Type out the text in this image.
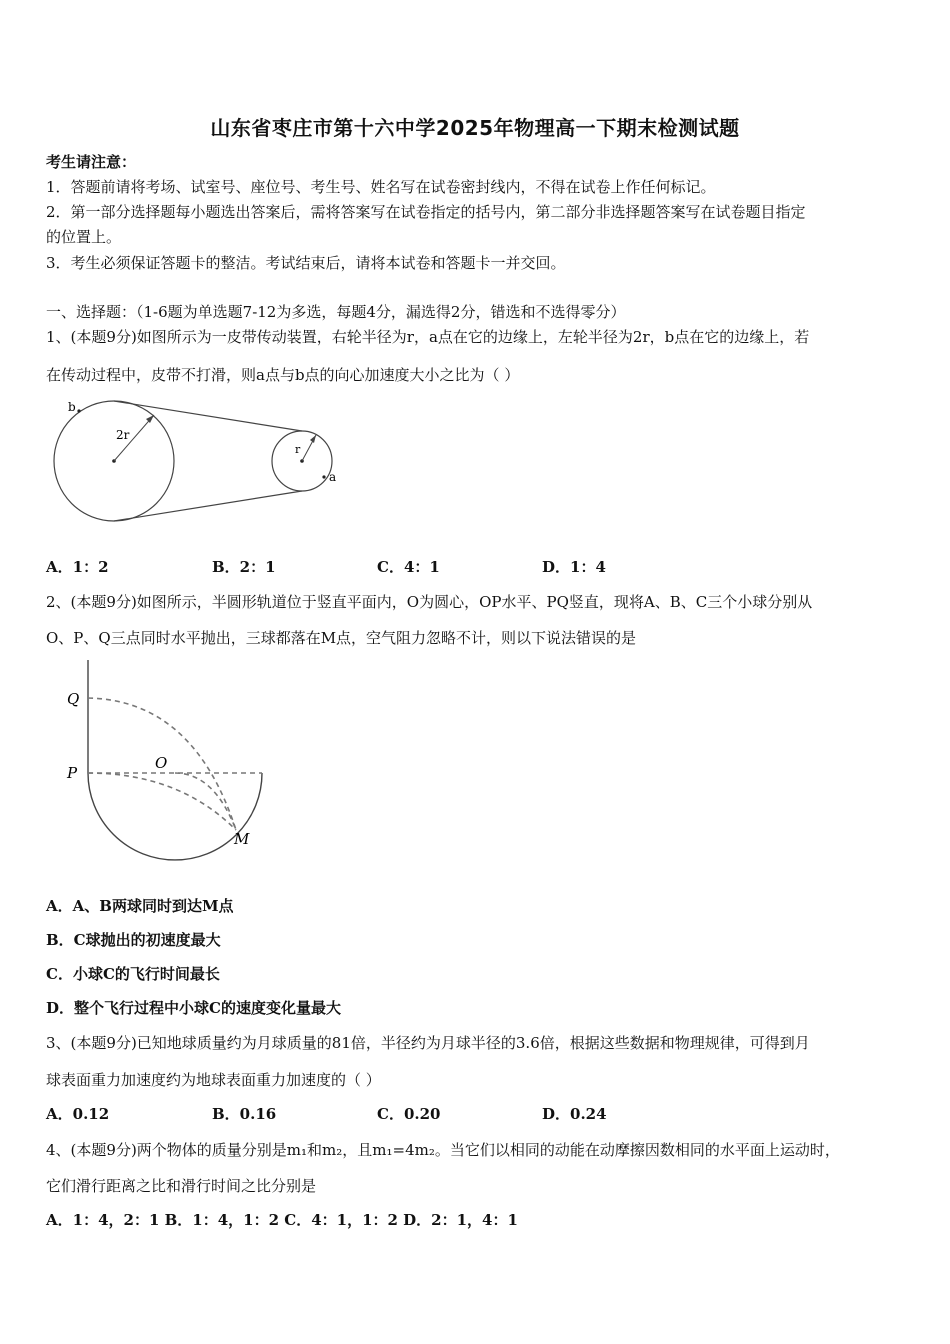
山东省枣庄市第十六中学2025年物理高一下期末检测试题
考生请注意：
1．答题前请将考场、试室号、座位号、考生号、姓名写在试卷密封线内，不得在试卷上作任何标记。
2．第一部分选择题每小题选出答案后，需将答案写在试卷指定的括号内，第二部分非选择题答案写在试卷题目指定
的位置上。
3．考生必须保证答题卡的整洁。考试结束后，请将本试卷和答题卡一并交回。
一、选择题：（1-6题为单选题7-12为多选，每题4分，漏选得2分，错选和不选得零分）
1、(本题9分)如图所示为一皮带传动装置，右轮半径为r，a点在它的边缘上，左轮半径为2r，b点在它的边缘上，若
在传动过程中，皮带不打滑，则a点与b点的向心加速度大小之比为（ ）
b
2r
r
a
A．1：2	B．2：1	C．4：1	D．1：4
2、(本题9分)如图所示，半圆形轨道位于竖直平面内，O为圆心，OP水平、PQ竖直，现将A、B、C三个小球分别从
O、P、Q三点同时水平抛出，三球都落在M点，空气阻力忽略不计，则以下说法错误的是
Q
P
O
M
A．A、B两球同时到达M点
B．C球抛出的初速度最大
C．小球C的飞行时间最长
D．整个飞行过程中小球C的速度变化量最大
3、(本题9分)已知地球质量约为月球质量的81倍，半径约为月球半径的3.6倍，根据这些数据和物理规律，可得到月
球表面重力加速度约为地球表面重力加速度的（ ）
A．0.12	B．0.16	C．0.20	D．0.24
4、(本题9分)两个物体的质量分别是m₁和m₂，且m₁=4m₂。当它们以相同的动能在动摩擦因数相同的水平面上运动时，
它们滑行距离之比和滑行时间之比分别是
A．1：4，2：1 B．1：4，1：2 C．4：1，1：2 D．2：1，4：1
